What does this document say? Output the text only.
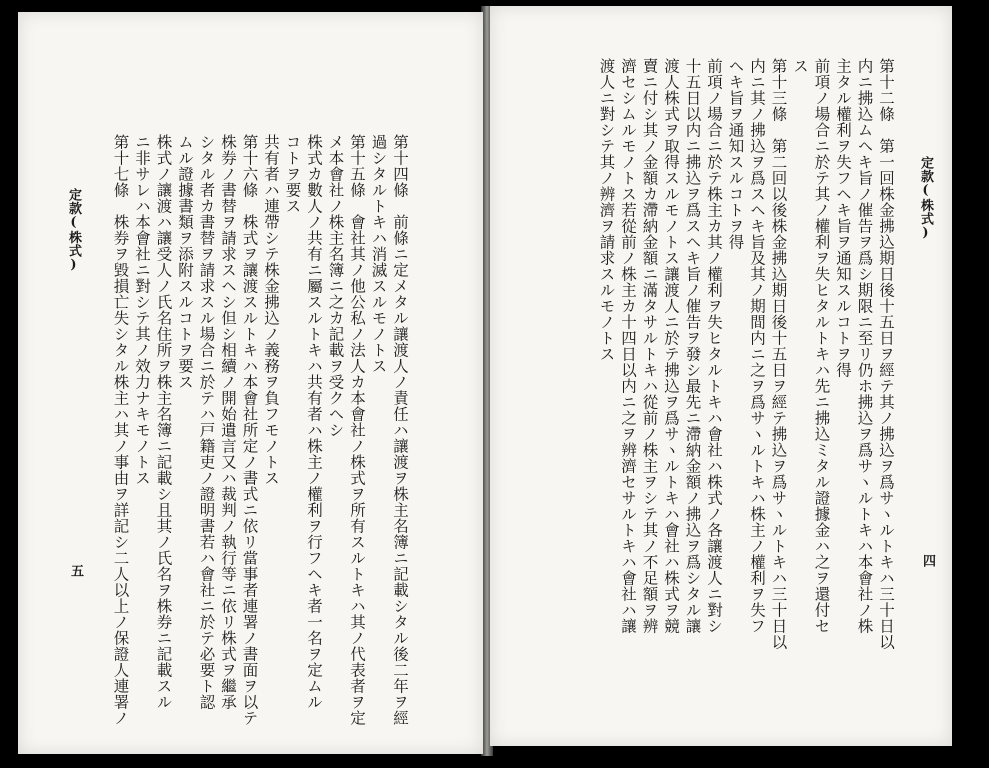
定款(株式)
四
第十二條　第一回株金拂込期日後十五日ヲ經テ其ノ拂込ヲ爲サヽルトキハ三十日以
内ニ拂込ムヘキ旨ノ催告ヲ爲シ期限ニ至リ仍ホ拂込ヲ爲サヽルトキハ本會社ノ株
主タル權利ヲ失フヘキ旨ヲ通知スルコトヲ得
前項ノ場合ニ於テ其ノ權利ヲ失ヒタルトキハ先ニ拂込ミタル證據金ハ之ヲ還付セ
ス
第十三條　第二回以後株金拂込期日後十五日ヲ經テ拂込ヲ爲サヽルトキハ三十日以
内ニ其ノ拂込ヲ爲スヘキ旨及其ノ期間内ニ之ヲ爲サヽルトキハ株主ノ權利ヲ失フ
ヘキ旨ヲ通知スルコトヲ得
前項ノ場合ニ於テ株主カ其ノ權利ヲ失ヒタルトキハ會社ハ株式ノ各讓渡人ニ對シ
十五日以内ニ拂込ヲ爲スヘキ旨ノ催告ヲ發シ最先ニ滯納金額ノ拂込ヲ爲シタル讓
渡人株式ヲ取得スルモノトス讓渡人ニ於テ拂込ヲ爲サヽルトキハ會社ハ株式ヲ競
賣ニ付シ其ノ金額カ滯納金額ニ滿タサルトキハ從前ノ株主ヲシテ其ノ不足額ヲ辨
濟セシムルモノトス若從前ノ株主カ十四日以内ニ之ヲ辨濟セサルトキハ會社ハ讓
渡人ニ對シテ其ノ辨濟ヲ請求スルモノトス
定款(株式)
五	第十四條　前條ニ定メタル讓渡人ノ責任ハ讓渡ヲ株主名簿ニ記載シタル後二年ヲ經
過シタルトキハ消滅スルモノトス
第十五條　會社其ノ他公私ノ法人カ本會社ノ株式ヲ所有スルトキハ其ノ代表者ヲ定
メ本會社ノ株主名簿ニ之カ記載ヲ受クヘシ
株式カ數人ノ共有ニ屬スルトキハ共有者ハ株主ノ權利ヲ行フヘキ者一名ヲ定ムル
コトヲ要ス
共有者ハ連帶シテ株金拂込ノ義務ヲ負フモノトス
第十六條　株式ヲ讓渡スルトキハ本會社所定ノ書式ニ依リ當事者連署ノ書面ヲ以テ
株券ノ書替ヲ請求スヘシ但シ相續ノ開始遺言又ハ裁判ノ執行等ニ依リ株式ヲ繼承
シタル者カ書替ヲ請求スル場合ニ於テハ戸籍吏ノ證明書若ハ會社ニ於テ必要ト認
ムル證據書類ヲ添附スルコトヲ要ス
株式ノ讓渡ハ讓受人ノ氏名住所ヲ株主名簿ニ記載シ且其ノ氏名ヲ株券ニ記載スル
ニ非サレハ本會社ニ對シテ其ノ效力ナキモノトス
第十七條　株券ヲ毀損亡失シタル株主ハ其ノ事由ヲ詳記シ二人以上ノ保證人連署ノ
